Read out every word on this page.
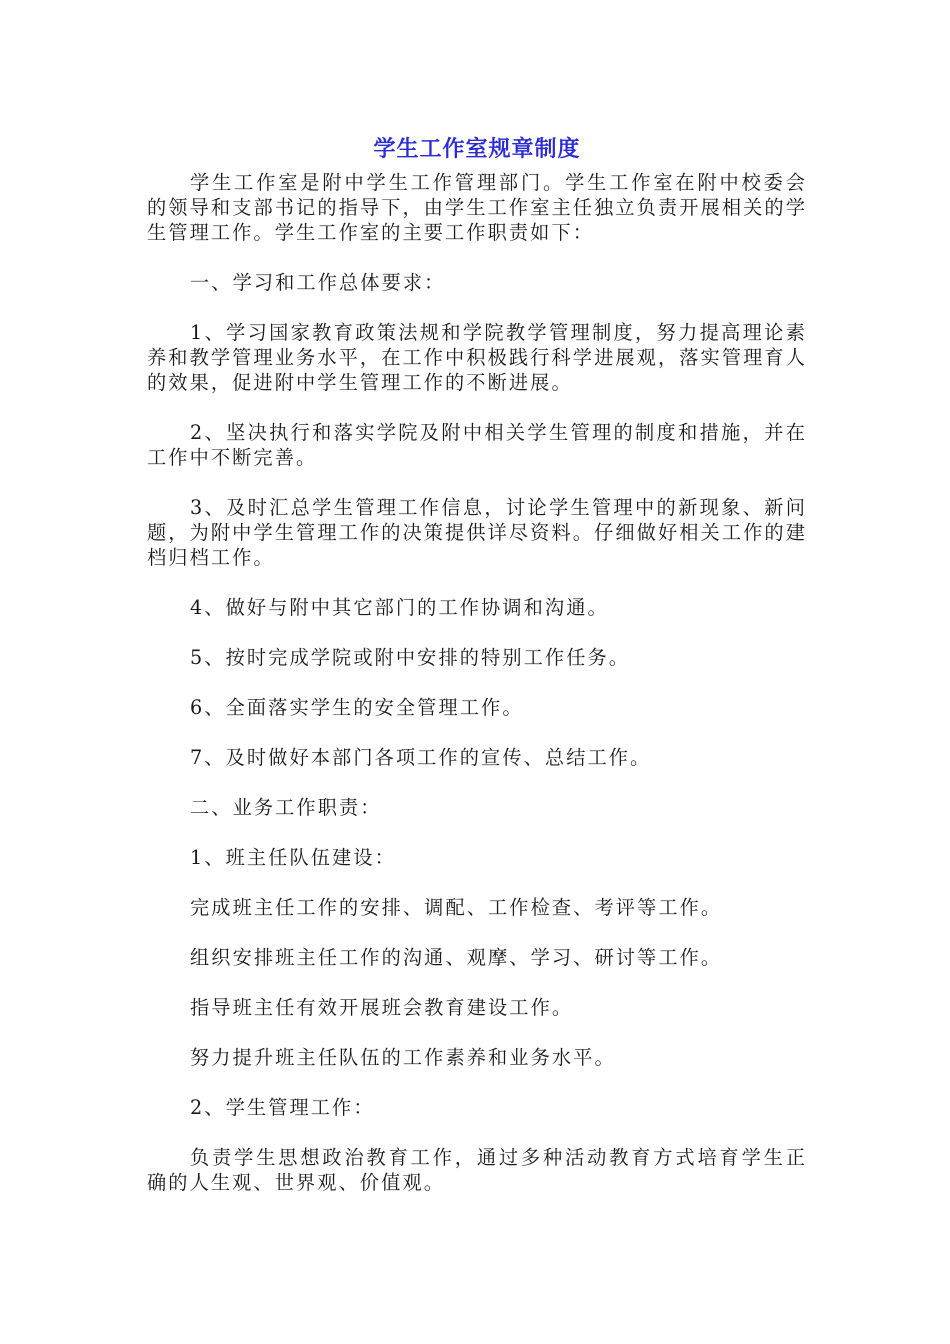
学生工作室规章制度

学生工作室是附中学生工作管理部门。学生工作室在附中校委会的领导和支部书记的指导下，由学生工作室主任独立负责开展相关的学生管理工作。学生工作室的主要工作职责如下：

一、学习和工作总体要求：

1、学习国家教育政策法规和学院教学管理制度，努力提高理论素养和教学管理业务水平，在工作中积极践行科学进展观，落实管理育人的效果，促进附中学生管理工作的不断进展。

2、坚决执行和落实学院及附中相关学生管理的制度和措施，并在工作中不断完善。

3、及时汇总学生管理工作信息，讨论学生管理中的新现象、新问题，为附中学生管理工作的决策提供详尽资料。仔细做好相关工作的建档归档工作。

4、做好与附中其它部门的工作协调和沟通。

5、按时完成学院或附中安排的特别工作任务。

6、全面落实学生的安全管理工作。

7、及时做好本部门各项工作的宣传、总结工作。

二、业务工作职责：

1、班主任队伍建设：

完成班主任工作的安排、调配、工作检查、考评等工作。

组织安排班主任工作的沟通、观摩、学习、研讨等工作。

指导班主任有效开展班会教育建设工作。

努力提升班主任队伍的工作素养和业务水平。

2、学生管理工作：

负责学生思想政治教育工作，通过多种活动教育方式培育学生正确的人生观、世界观、价值观。
